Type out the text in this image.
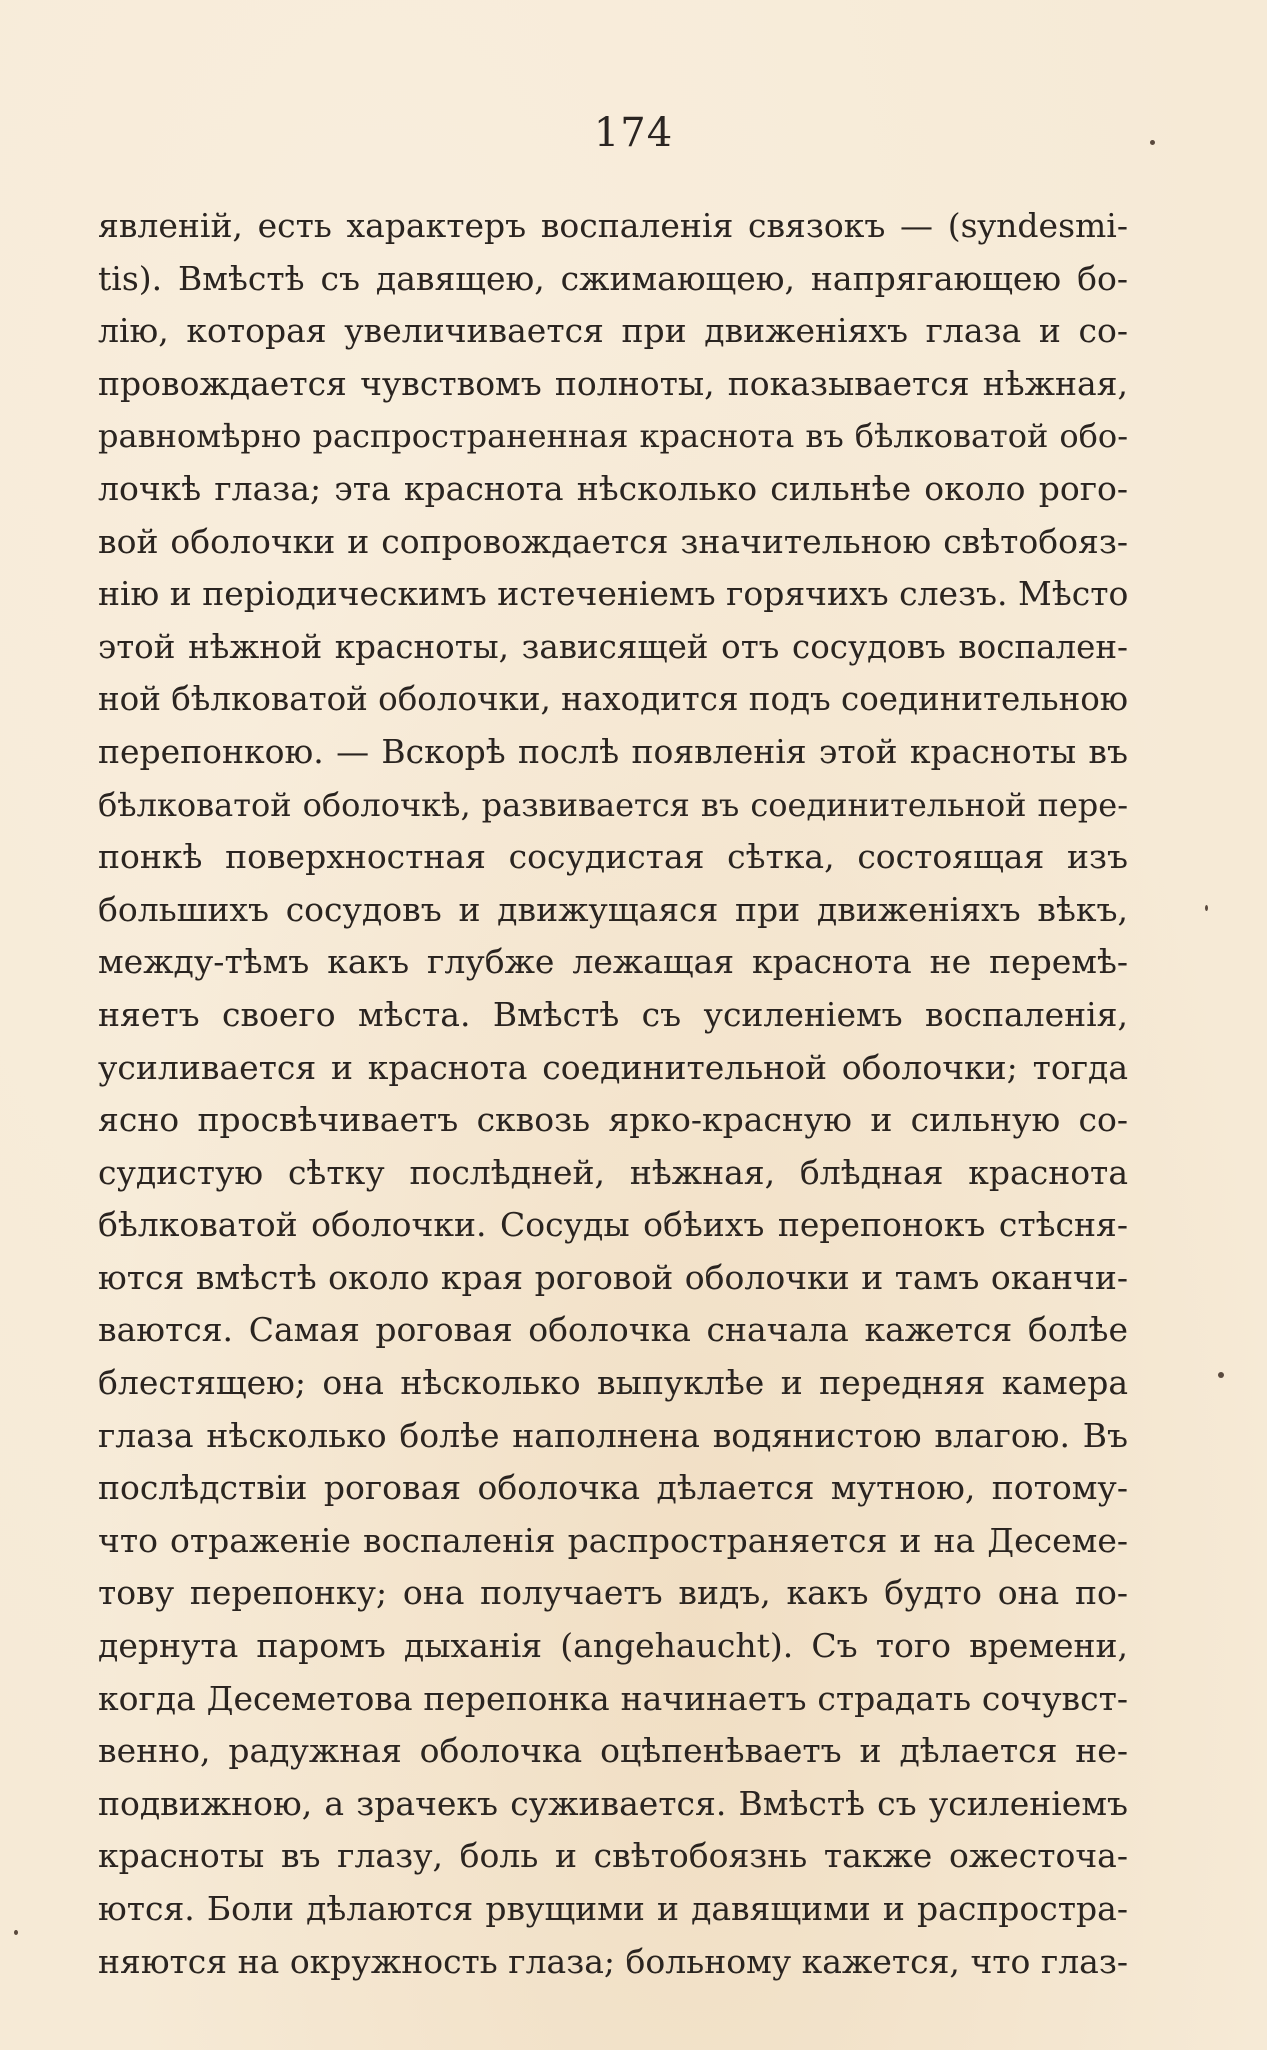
174
явленій, есть характеръ воспаленія связокъ — (syndesmi-
tis). Вмѣстѣ съ давящею, сжимающею, напрягающею бо-
лію, которая увеличивается при движеніяхъ глаза и со-
провождается чувствомъ полноты, показывается нѣжная,
равномѣрно распространенная краснота въ бѣлковатой обо-
лочкѣ глаза; эта краснота нѣсколько сильнѣе около рого-
вой оболочки и сопровождается значительною свѣтобояз-
нію и періодическимъ истеченіемъ горячихъ слезъ. Мѣсто
этой нѣжной красноты, зависящей отъ сосудовъ воспален-
ной бѣлковатой оболочки, находится подъ соединительною
перепонкою. — Вскорѣ послѣ появленія этой красноты въ
бѣлковатой оболочкѣ, развивается въ соединительной пере-
понкѣ поверхностная сосудистая сѣтка, состоящая изъ
большихъ сосудовъ и движущаяся при движеніяхъ вѣкъ,
между-тѣмъ какъ глубже лежащая краснота не перемѣ-
няетъ своего мѣста. Вмѣстѣ съ усиленіемъ воспаленія,
усиливается и краснота соединительной оболочки; тогда
ясно просвѣчиваетъ сквозь ярко-красную и сильную со-
судистую сѣтку послѣдней, нѣжная, блѣдная краснота
бѣлковатой оболочки. Сосуды обѣихъ перепонокъ стѣсня-
ются вмѣстѣ около края роговой оболочки и тамъ оканчи-
ваются. Самая роговая оболочка сначала кажется болѣе
блестящею; она нѣсколько выпуклѣе и передняя камера
глаза нѣсколько болѣе наполнена водянистою влагою. Въ
послѣдствіи роговая оболочка дѣлается мутною, потому-
что отраженіе воспаленія распространяется и на Десеме-
тову перепонку; она получаетъ видъ, какъ будто она по-
дернута паромъ дыханія (angehaucht). Съ того времени,
когда Десеметова перепонка начинаетъ страдать сочувст-
венно, радужная оболочка оцѣпенѣваетъ и дѣлается не-
подвижною, а зрачекъ суживается. Вмѣстѣ съ усиленіемъ
красноты въ глазу, боль и свѣтобоязнь также ожесточа-
ются. Боли дѣлаются рвущими и давящими и распростра-
няются на окружность глаза; больному кажется, что глаз-
